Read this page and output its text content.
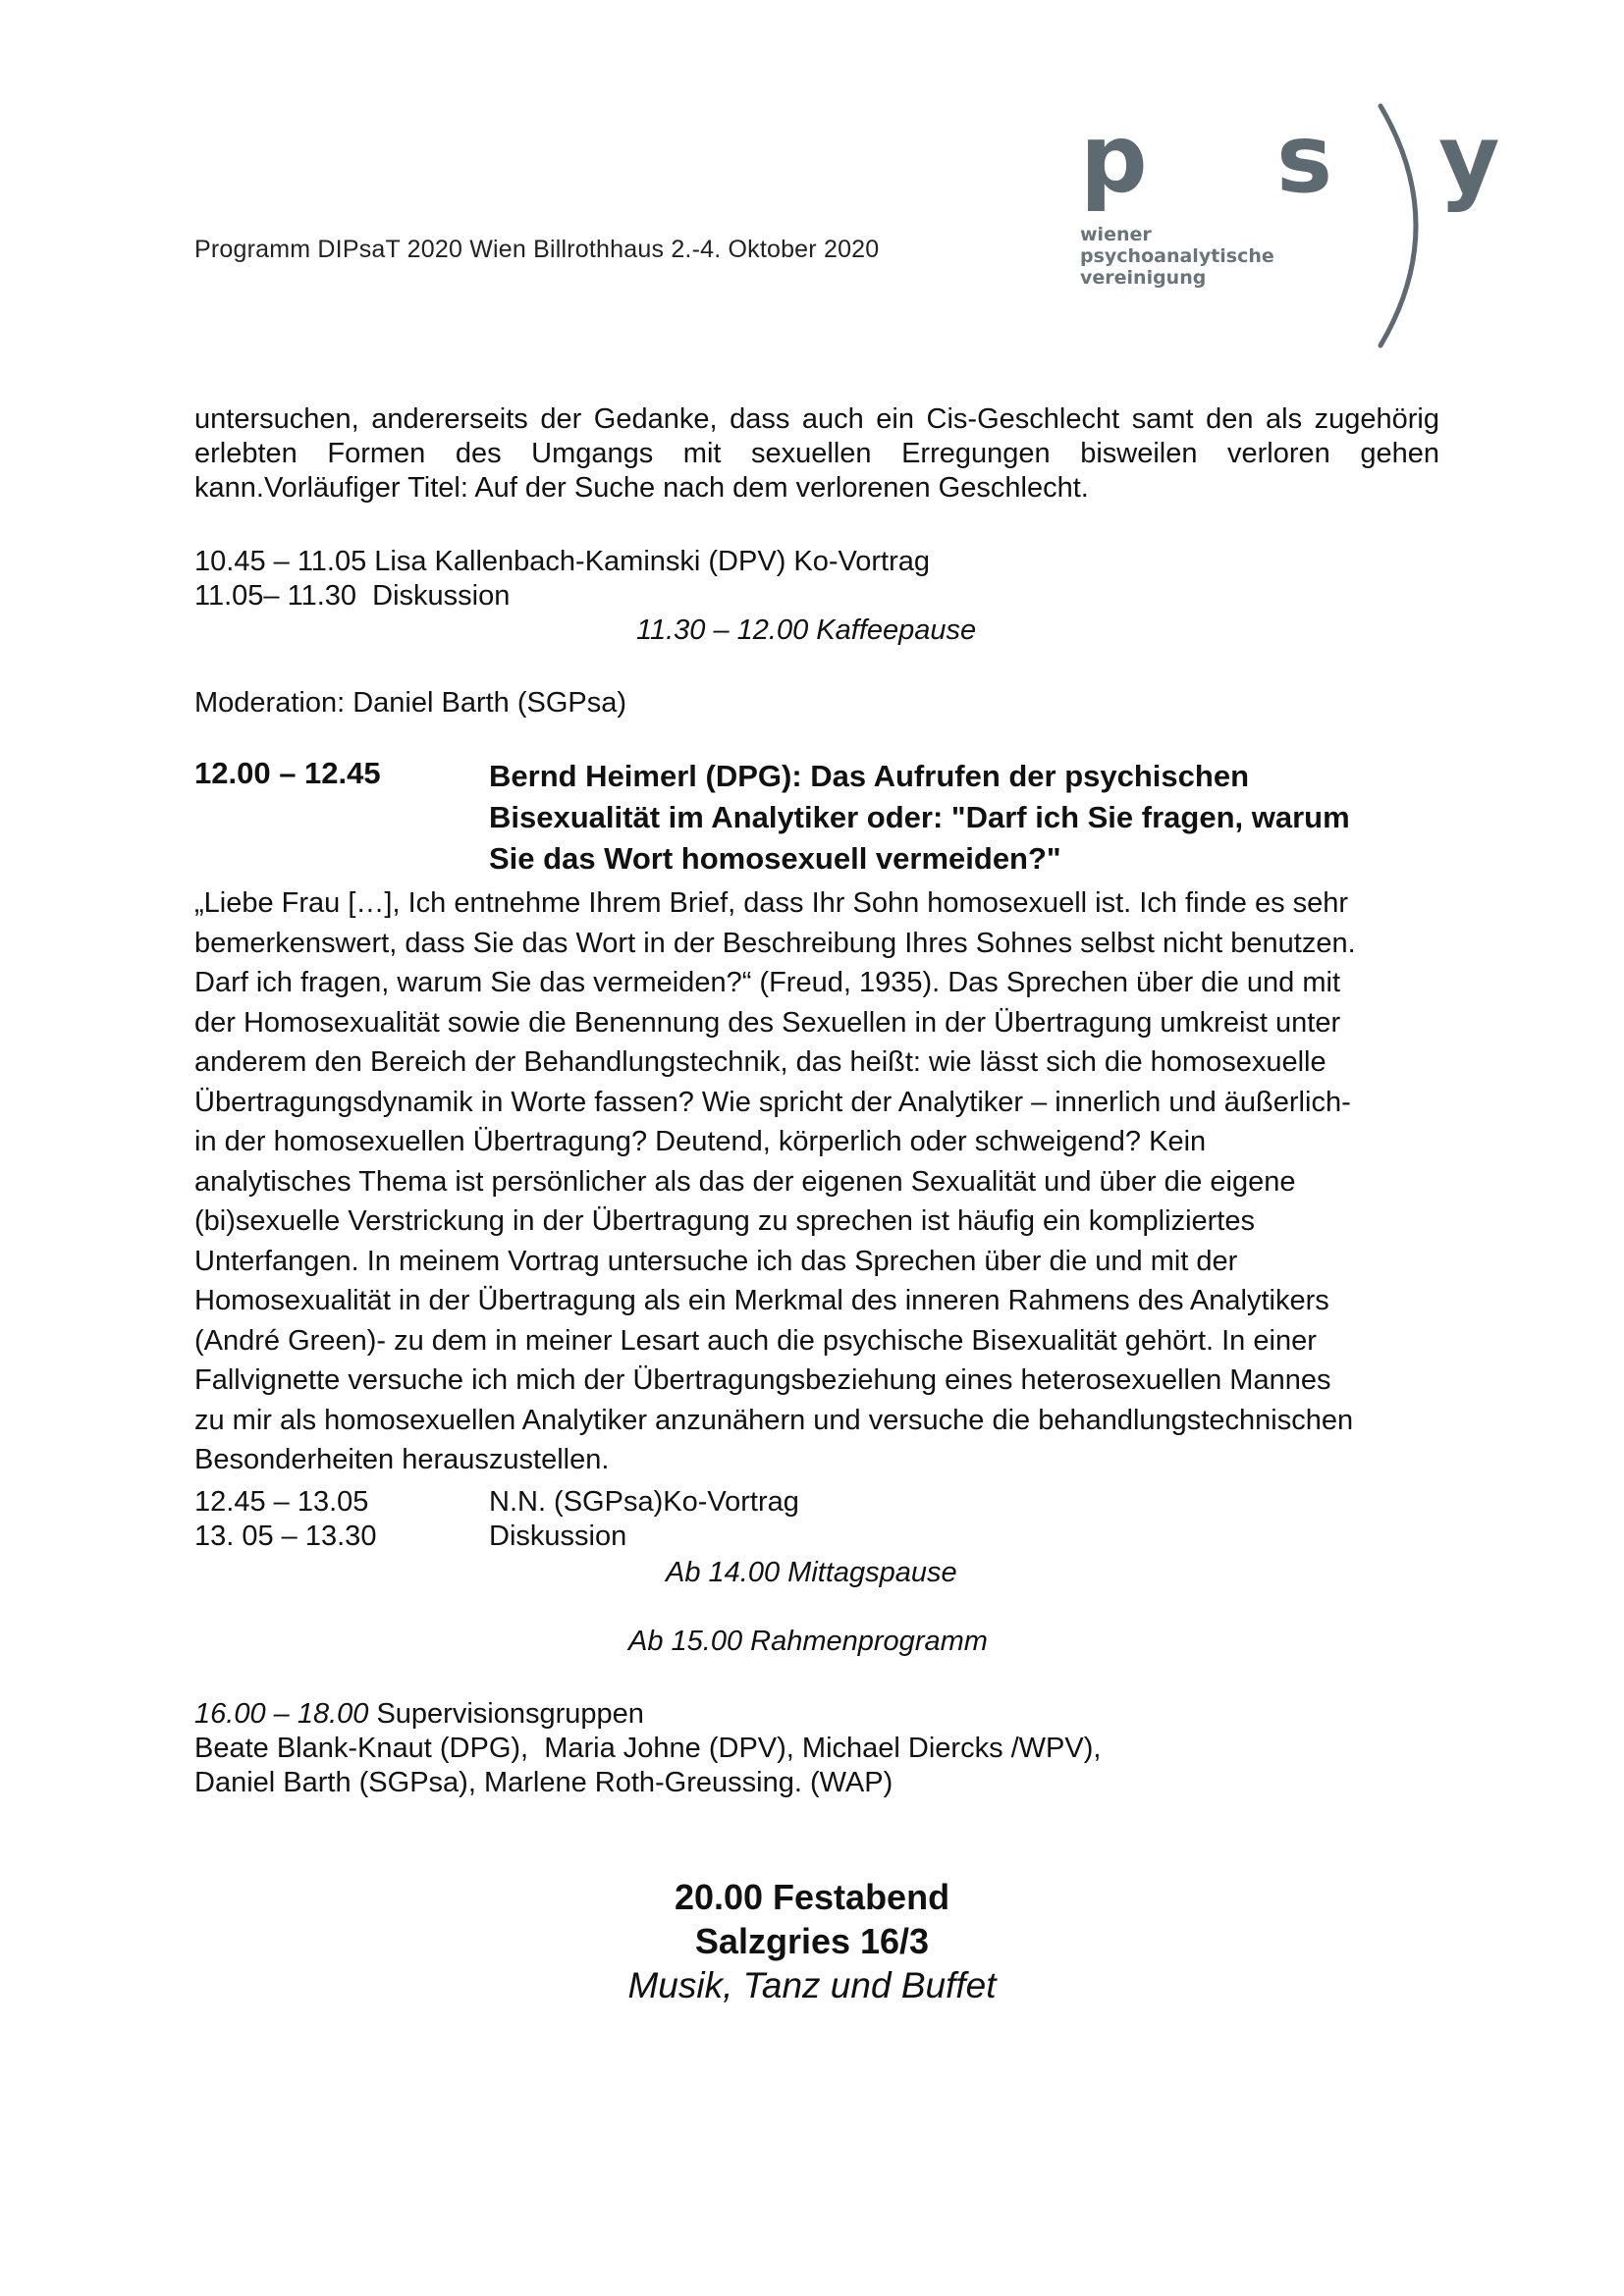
Programm DIPsaT 2020 Wien Billrothhaus 2.-4. Oktober 2020
p s y
wiener
psychoanalytische
vereinigung
untersuchen, andererseits der Gedanke, dass auch ein Cis-Geschlecht samt den als zugehörig erlebten Formen des Umgangs mit sexuellen Erregungen bisweilen verloren gehen kann.Vorläufiger Titel: Auf der Suche nach dem verlorenen Geschlecht.
10.45 – 11.05 Lisa Kallenbach-Kaminski (DPV) Ko-Vortrag
11.05– 11.30  Diskussion
11.30 – 12.00 Kaffeepause
Moderation: Daniel Barth (SGPsa)
12.00 – 12.45	Bernd Heimerl (DPG): Das Aufrufen der psychischen
Bisexualität im Analytiker oder: "Darf ich Sie fragen, warum
Sie das Wort homosexuell vermeiden?"
„Liebe Frau […], Ich entnehme Ihrem Brief, dass Ihr Sohn homosexuell ist. Ich finde es sehr
bemerkenswert, dass Sie das Wort in der Beschreibung Ihres Sohnes selbst nicht benutzen.
Darf ich fragen, warum Sie das vermeiden?“ (Freud, 1935). Das Sprechen über die und mit
der Homosexualität sowie die Benennung des Sexuellen in der Übertragung umkreist unter
anderem den Bereich der Behandlungstechnik, das heißt: wie lässt sich die homosexuelle
Übertragungsdynamik in Worte fassen? Wie spricht der Analytiker – innerlich und äußerlich-
in der homosexuellen Übertragung? Deutend, körperlich oder schweigend? Kein
analytisches Thema ist persönlicher als das der eigenen Sexualität und über die eigene
(bi)sexuelle Verstrickung in der Übertragung zu sprechen ist häufig ein kompliziertes
Unterfangen. In meinem Vortrag untersuche ich das Sprechen über die und mit der
Homosexualität in der Übertragung als ein Merkmal des inneren Rahmens des Analytikers
(André Green)- zu dem in meiner Lesart auch die psychische Bisexualität gehört. In einer
Fallvignette versuche ich mich der Übertragungsbeziehung eines heterosexuellen Mannes
zu mir als homosexuellen Analytiker anzunähern und versuche die behandlungstechnischen
Besonderheiten herauszustellen.
12.45 – 13.05	N.N. (SGPsa)Ko-Vortrag
13. 05 – 13.30	Diskussion
Ab 14.00 Mittagspause
Ab 15.00 Rahmenprogramm
16.00 – 18.00 Supervisionsgruppen
Beate Blank-Knaut (DPG),  Maria Johne (DPV), Michael Diercks /WPV),
Daniel Barth (SGPsa), Marlene Roth-Greussing. (WAP)
20.00 Festabend
Salzgries 16/3
Musik, Tanz und Buffet
